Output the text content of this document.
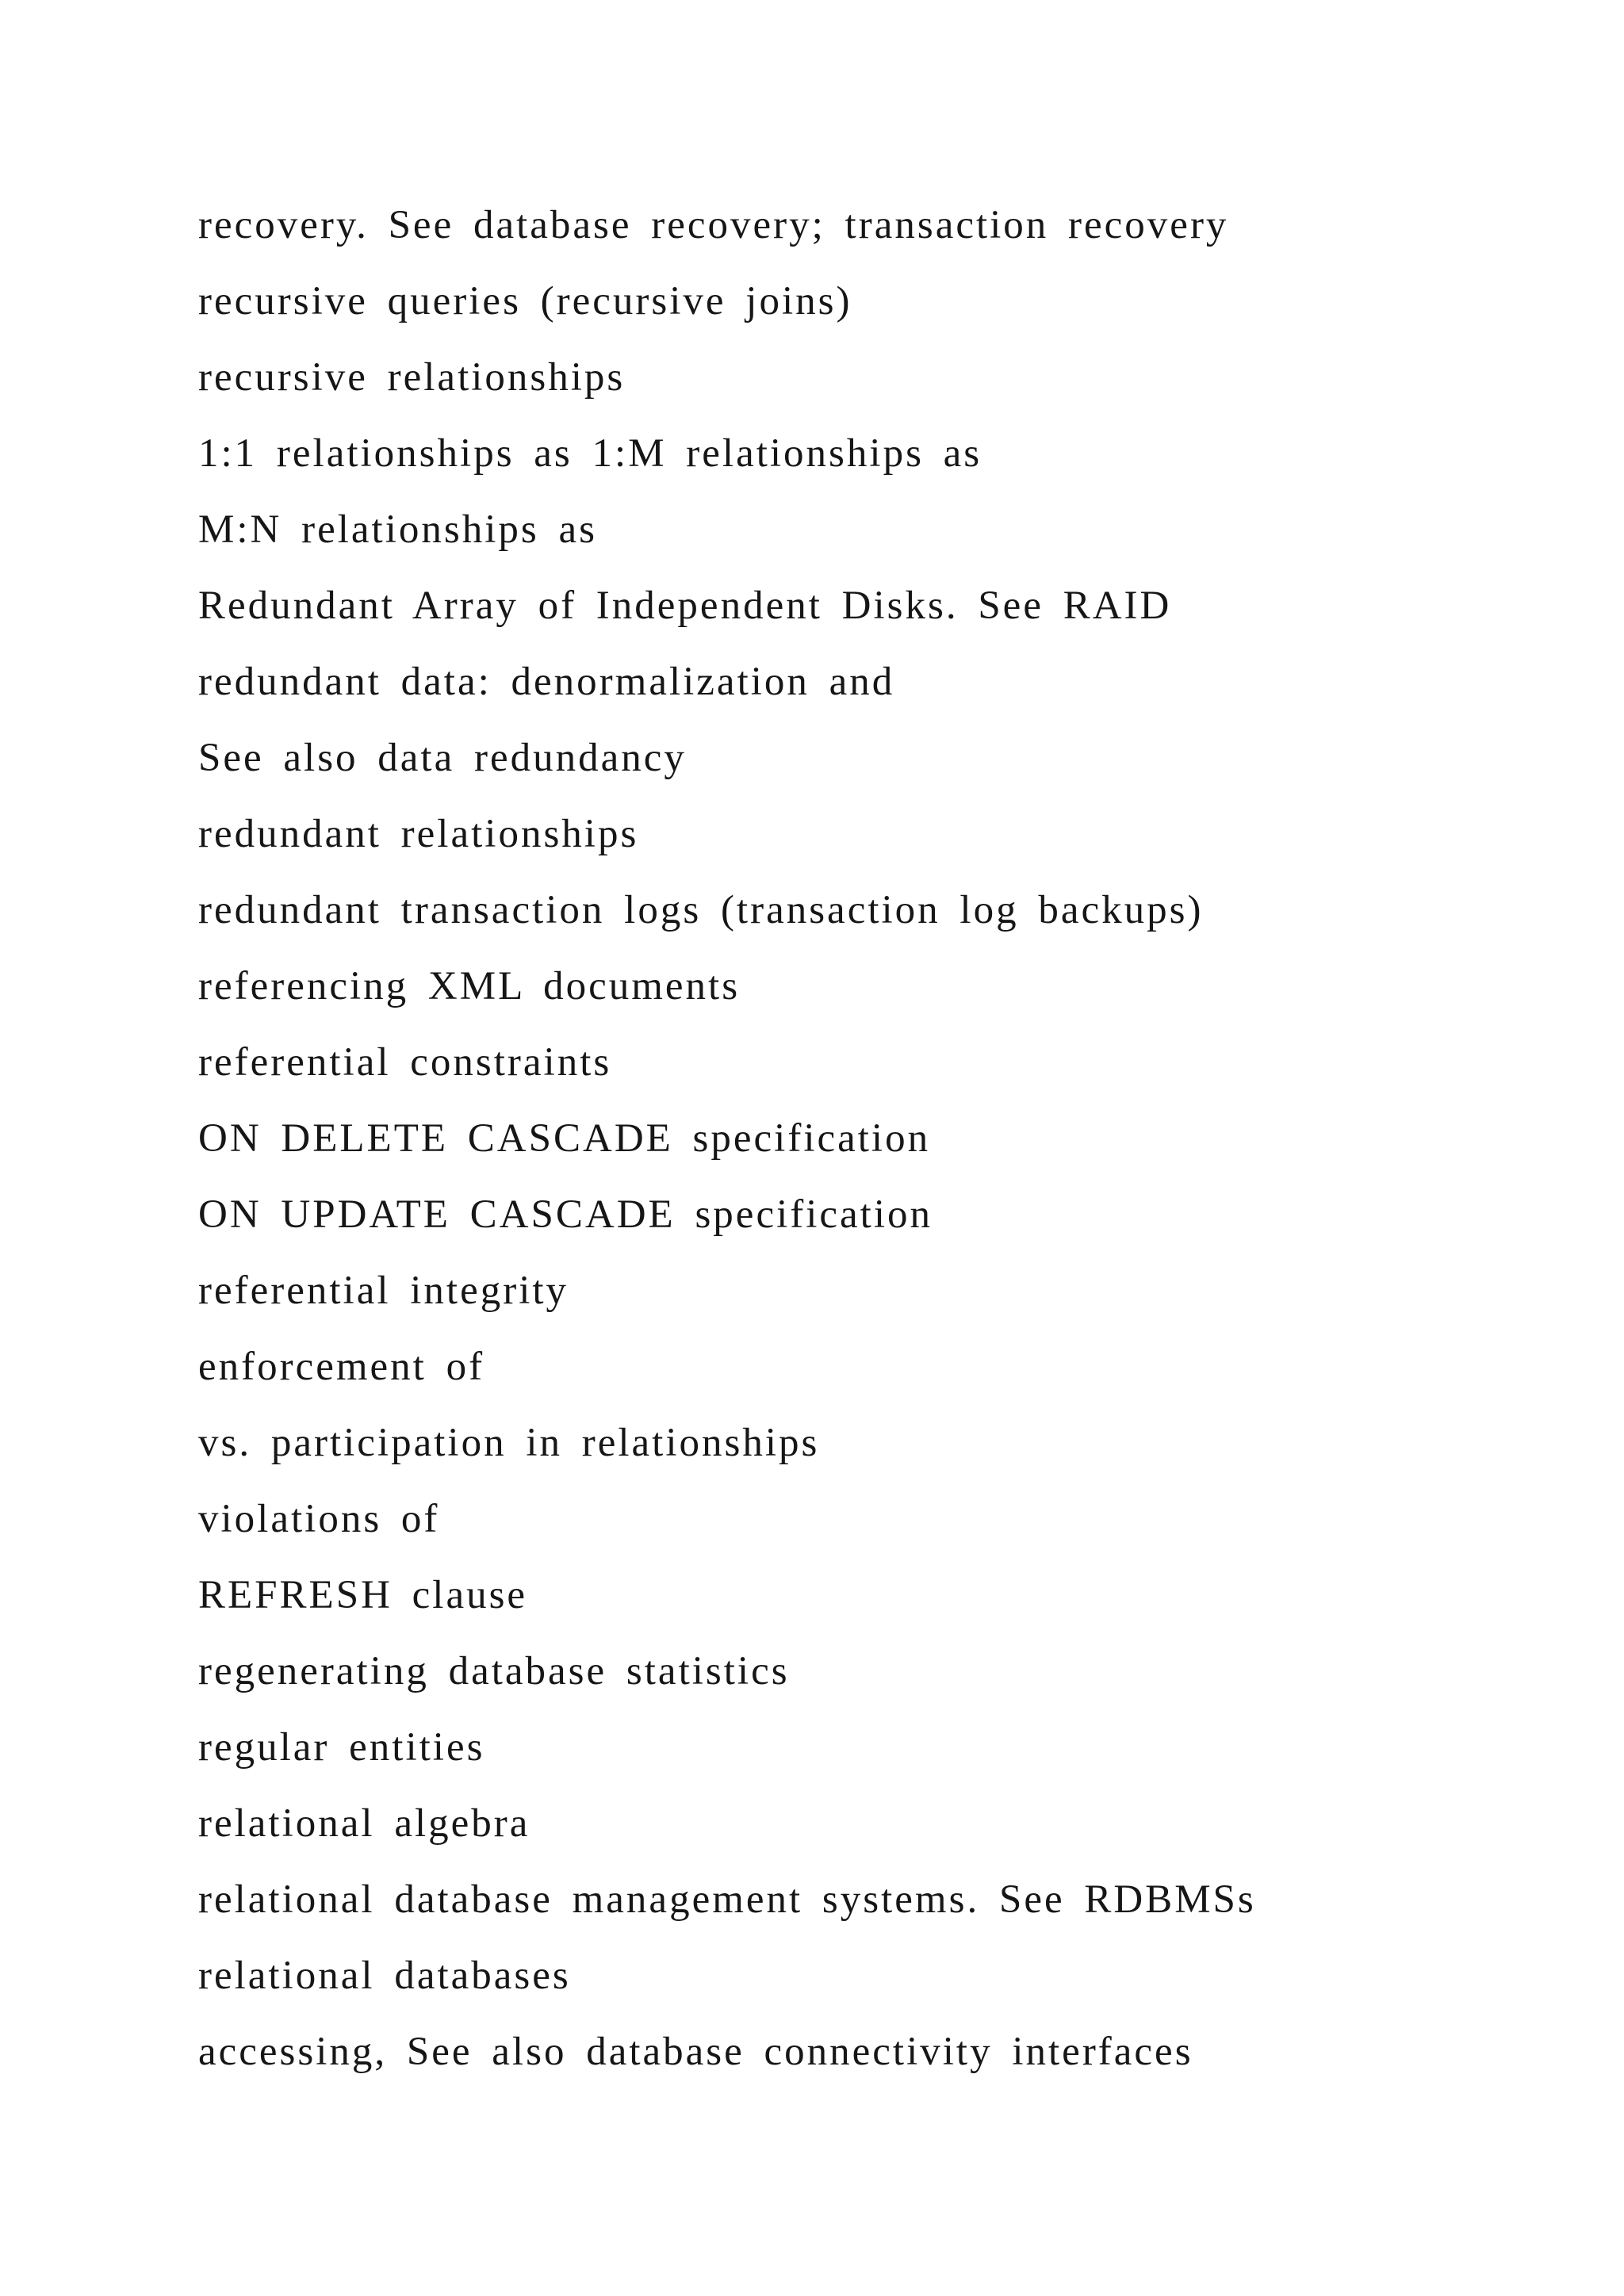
recovery. See database recovery; transaction recovery
recursive queries (recursive joins)
recursive relationships
1:1 relationships as 1:M relationships as
M:N relationships as
Redundant Array of Independent Disks. See RAID
redundant data: denormalization and
See also data redundancy
redundant relationships
redundant transaction logs (transaction log backups)
referencing XML documents
referential constraints
ON DELETE CASCADE specification
ON UPDATE CASCADE specification
referential integrity
enforcement of
vs. participation in relationships
violations of
REFRESH clause
regenerating database statistics
regular entities
relational algebra
relational database management systems. See RDBMSs
relational databases
accessing, See also database connectivity interfaces
